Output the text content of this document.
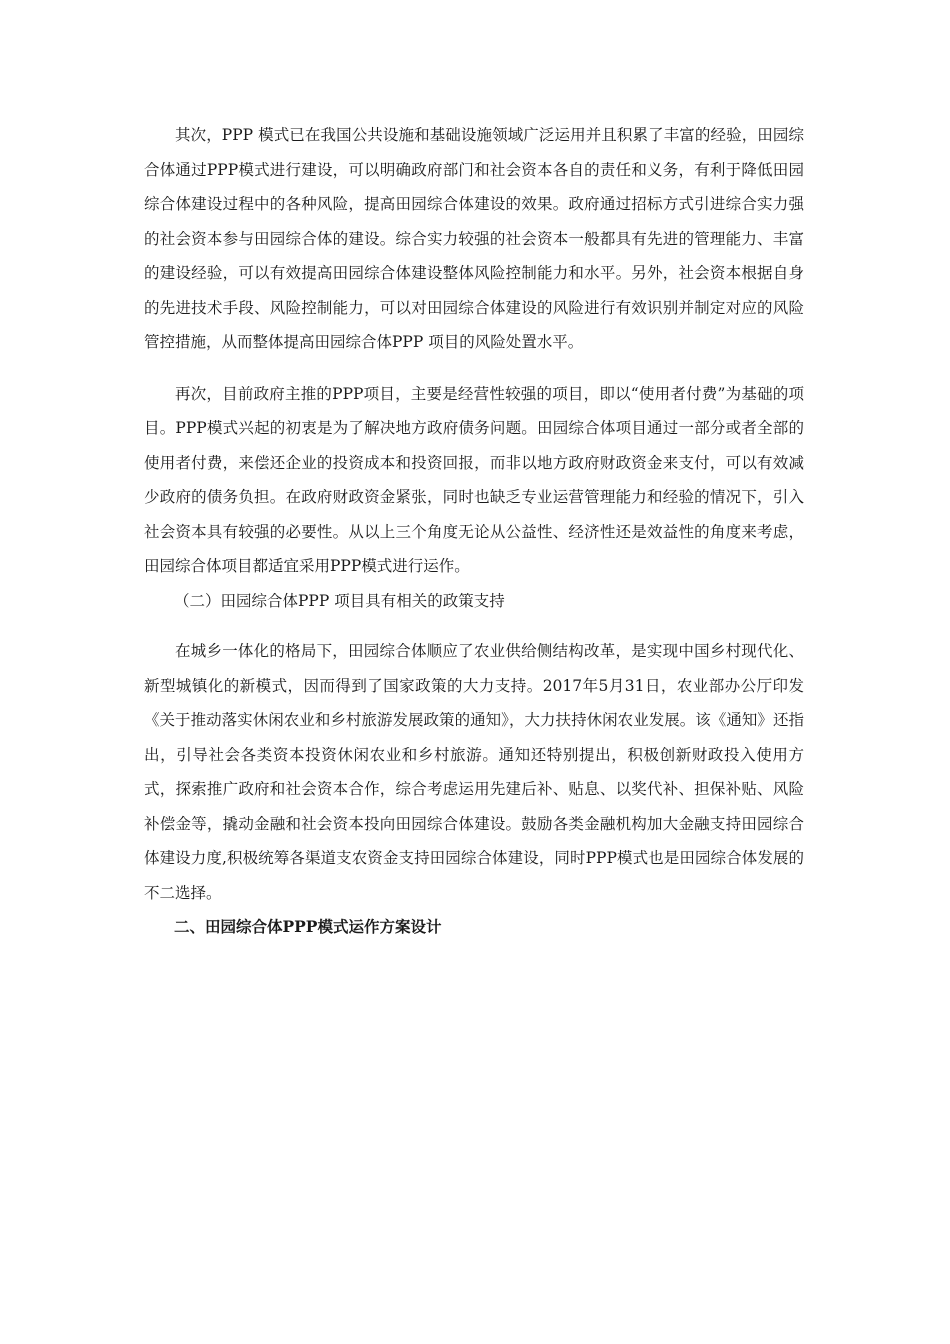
其次，PPP 模式已在我国公共设施和基础设施领域广泛运用并且积累了丰富的经验，田园综合体通过PPP模式进行建设，可以明确政府部门和社会资本各自的责任和义务，有利于降低田园综合体建设过程中的各种风险，提高田园综合体建设的效果。政府通过招标方式引进综合实力强的社会资本参与田园综合体的建设。综合实力较强的社会资本一般都具有先进的管理能力、丰富的建设经验，可以有效提高田园综合体建设整体风险控制能力和水平。另外，社会资本根据自身的先进技术手段、风险控制能力，可以对田园综合体建设的风险进行有效识别并制定对应的风险管控措施，从而整体提高田园综合体PPP 项目的风险处置水平。

再次，目前政府主推的PPP项目，主要是经营性较强的项目，即以“使用者付费”为基础的项目。PPP模式兴起的初衷是为了解决地方政府债务问题。田园综合体项目通过一部分或者全部的使用者付费，来偿还企业的投资成本和投资回报，而非以地方政府财政资金来支付，可以有效减少政府的债务负担。在政府财政资金紧张，同时也缺乏专业运营管理能力和经验的情况下，引入社会资本具有较强的必要性。从以上三个角度无论从公益性、经济性还是效益性的角度来考虑，田园综合体项目都适宜采用PPP模式进行运作。

（二）田园综合体PPP 项目具有相关的政策支持

在城乡一体化的格局下，田园综合体顺应了农业供给侧结构改革，是实现中国乡村现代化、新型城镇化的新模式，因而得到了国家政策的大力支持。2017年5月31日，农业部办公厅印发《关于推动落实休闲农业和乡村旅游发展政策的通知》，大力扶持休闲农业发展。该《通知》还指出，引导社会各类资本投资休闲农业和乡村旅游。通知还特别提出，积极创新财政投入使用方式，探索推广政府和社会资本合作，综合考虑运用先建后补、贴息、以奖代补、担保补贴、风险补偿金等，撬动金融和社会资本投向田园综合体建设。鼓励各类金融机构加大金融支持田园综合体建设力度,积极统筹各渠道支农资金支持田园综合体建设，同时PPP模式也是田园综合体发展的不二选择。

二、田园综合体PPP模式运作方案设计
